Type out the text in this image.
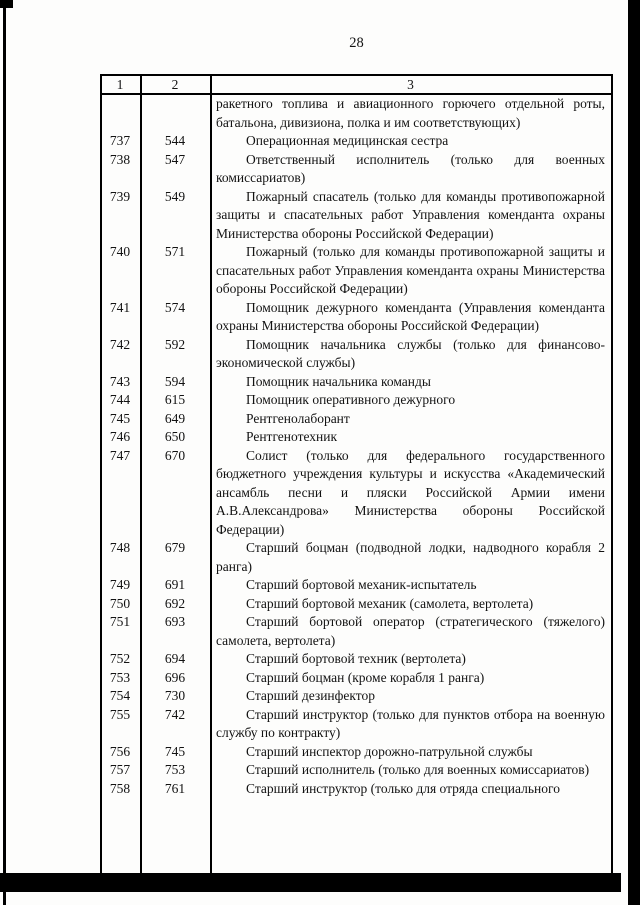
28
1	2	3
ракетного топлива и авиационного горючего отдельной роты, батальона, дивизиона, полка и им соответствующих)
737	544	Операционная медицинская сестра
738	547	Ответственный исполнитель (только для военных комиссариатов)
739	549	Пожарный спасатель (только для команды противопожарной защиты и спасательных работ Управления коменданта охраны Министерства обороны Российской Федерации)
740	571	Пожарный (только для команды противопожарной защиты и спасательных работ Управления коменданта охраны Министерства обороны Российской Федерации)
741	574	Помощник дежурного коменданта (Управления коменданта охраны Министерства обороны Российской Федерации)
742	592	Помощник начальника службы (только для финансово-экономической службы)
743	594	Помощник начальника команды
744	615	Помощник оперативного дежурного
745	649	Рентгенолаборант
746	650	Рентгенотехник
747	670	Солист (только для федерального государственного бюджетного учреждения культуры и искусства «Академический ансамбль песни и пляски Российской Армии имени А.В.Александрова» Министерства обороны Российской Федерации)
748	679	Старший боцман (подводной лодки, надводного корабля 2 ранга)
749	691	Старший бортовой механик-испытатель
750	692	Старший бортовой механик (самолета, вертолета)
751	693	Старший бортовой оператор (стратегического (тяжелого) самолета, вертолета)
752	694	Старший бортовой техник (вертолета)
753	696	Старший боцман (кроме корабля 1 ранга)
754	730	Старший дезинфектор
755	742	Старший инструктор (только для пунктов отбора на военную службу по контракту)
756	745	Старший инспектор дорожно-патрульной службы
757	753	Старший исполнитель (только для военных комиссариатов)
758	761	Старший инструктор (только для отряда специального
